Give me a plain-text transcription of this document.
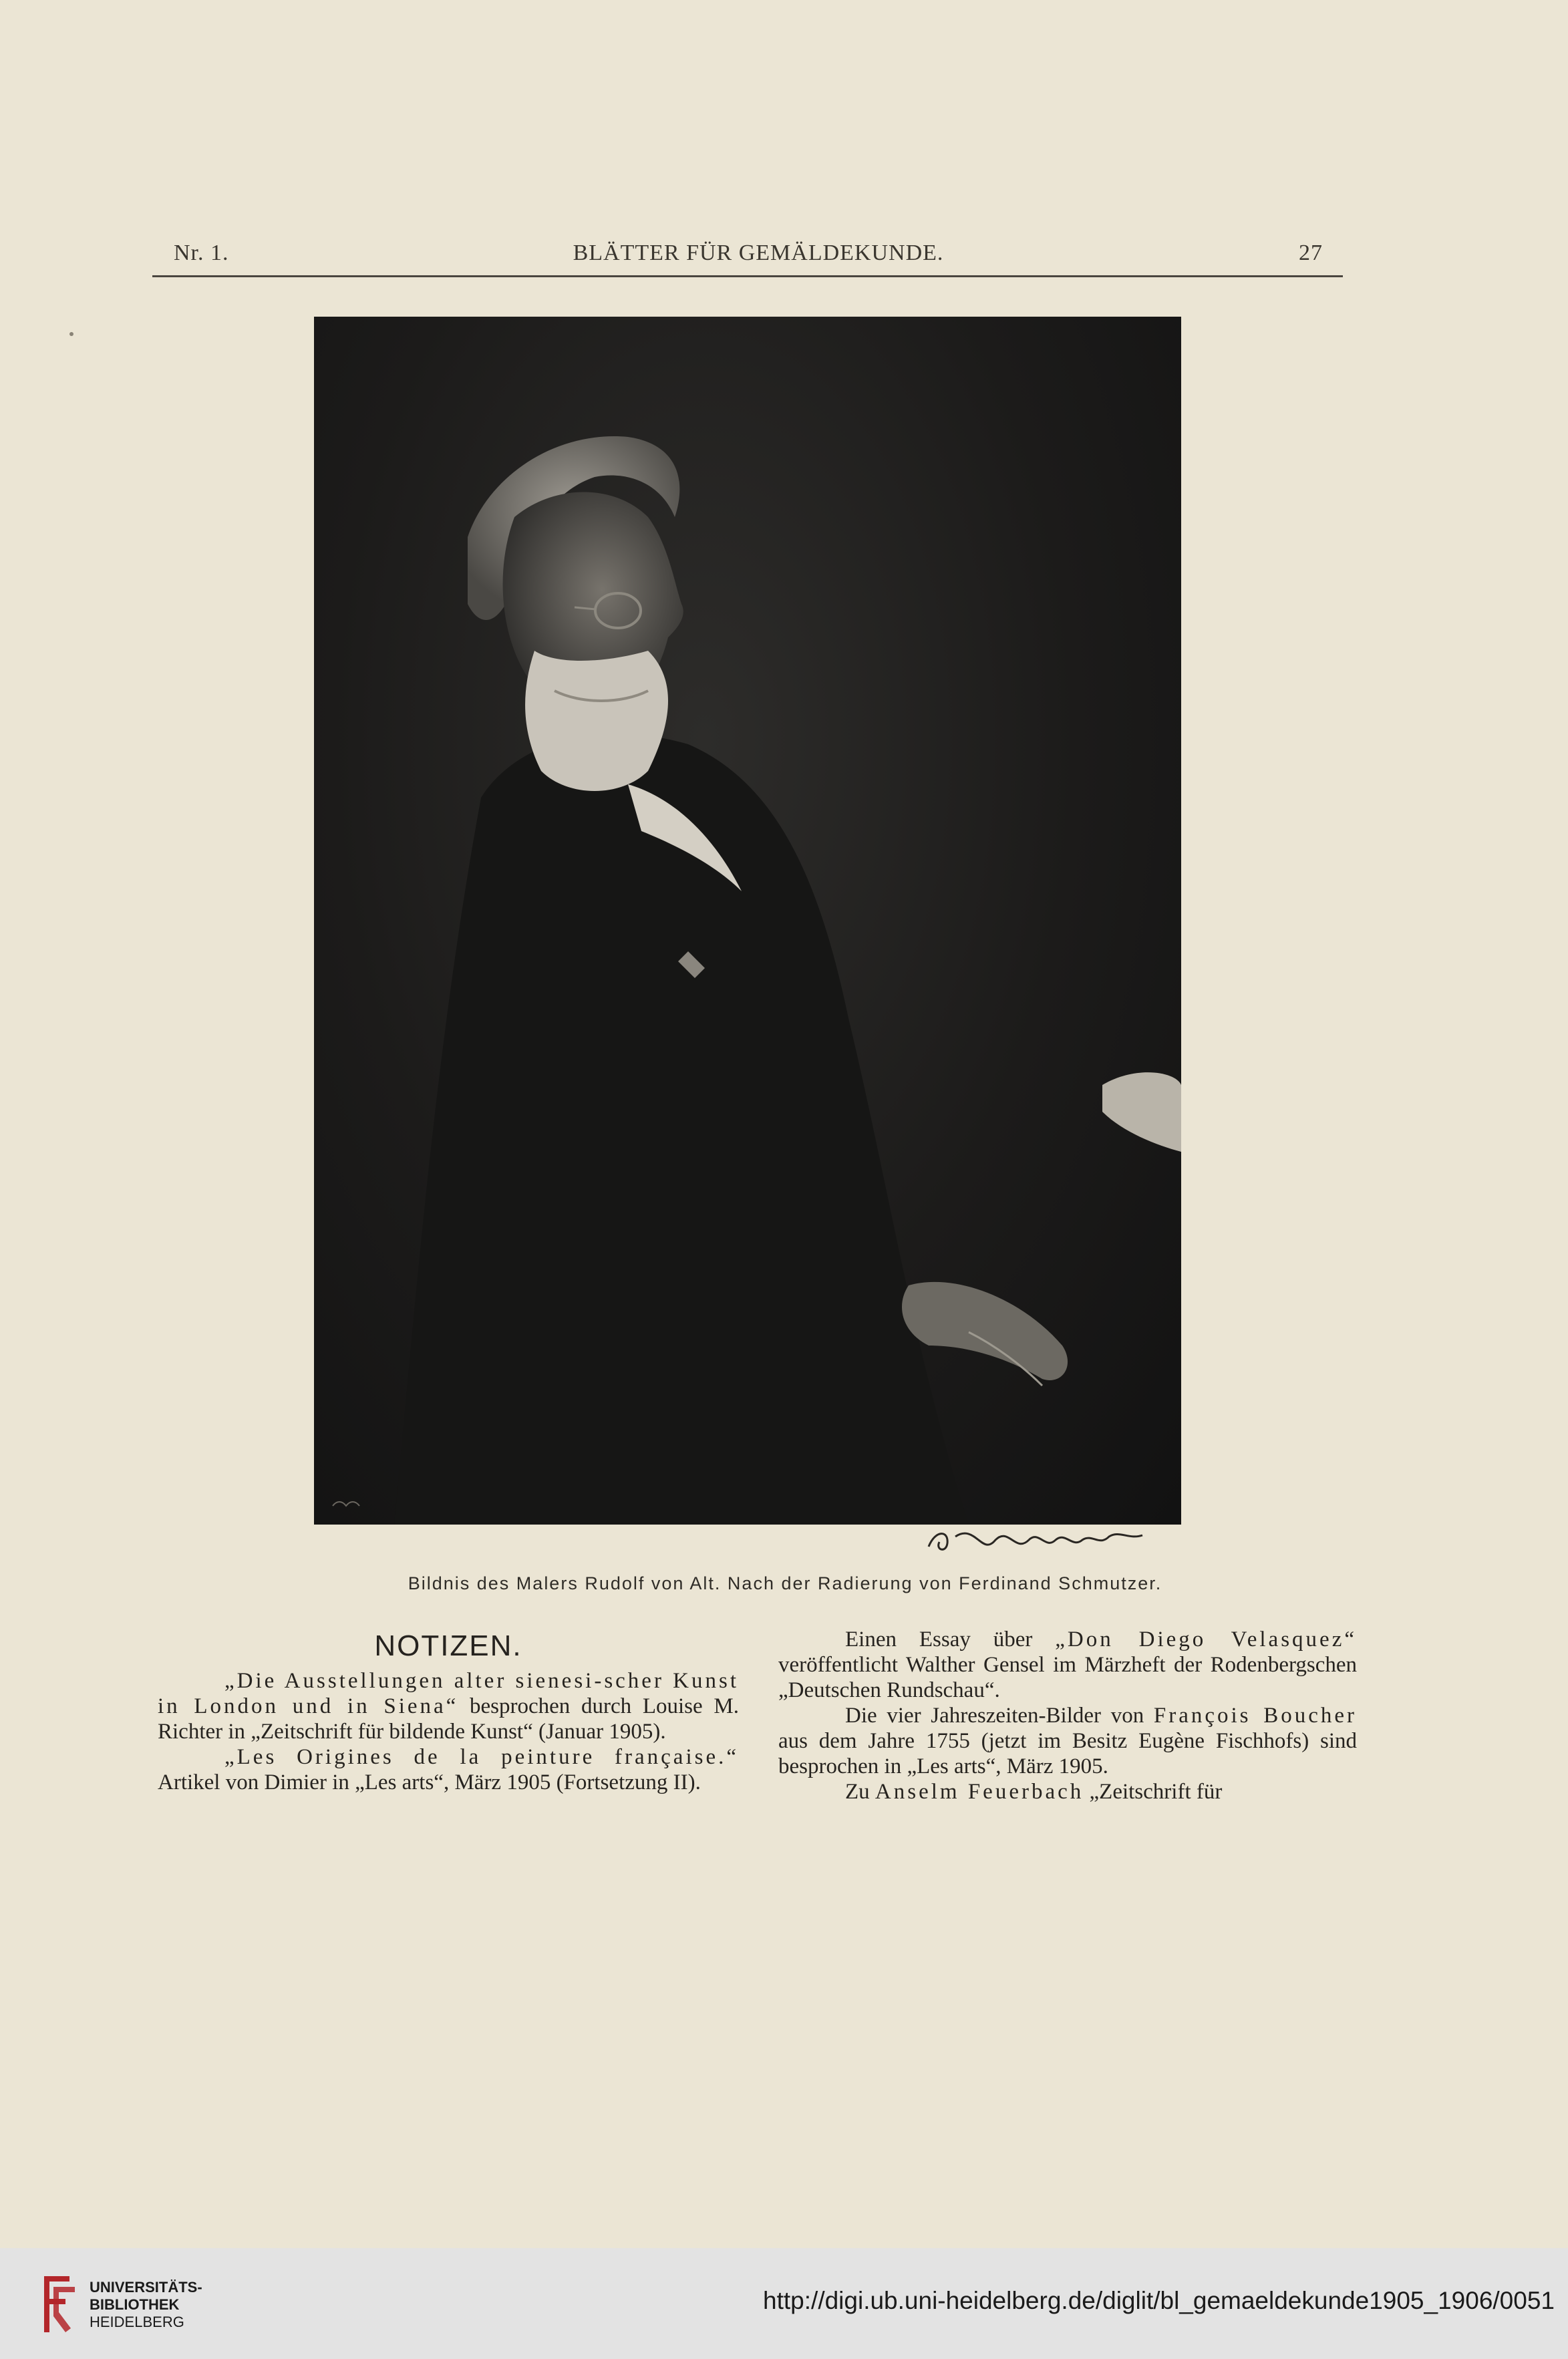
Nr. 1.	BLÄTTER FÜR GEMÄLDEKUNDE.	27
Bildnis des Malers Rudolf von Alt. Nach der Radierung von Ferdinand Schmutzer.

NOTIZEN.

„Die Ausstellungen alter sienesi-scher Kunst in London und in Siena“ besprochen durch Louise M. Richter in „Zeitschrift für bildende Kunst“ (Januar 1905).

„Les Origines de la peinture française.“ Artikel von Dimier in „Les arts“, März 1905 (Fortsetzung II).

Einen Essay über „Don Diego Velasquez“ veröffentlicht Walther Gensel im Märzheft der Rodenbergschen „Deutschen Rundschau“.

Die vier Jahreszeiten-Bilder von François Boucher aus dem Jahre 1755 (jetzt im Besitz Eugène Fischhofs) sind besprochen in „Les arts“, März 1905.

Zu Anselm Feuerbach „Zeitschrift für

UNIVERSITÄTS-
BIBLIOTHEK
HEIDELBERG
http://digi.ub.uni-heidelberg.de/diglit/bl_gemaeldekunde1905_1906/0051
